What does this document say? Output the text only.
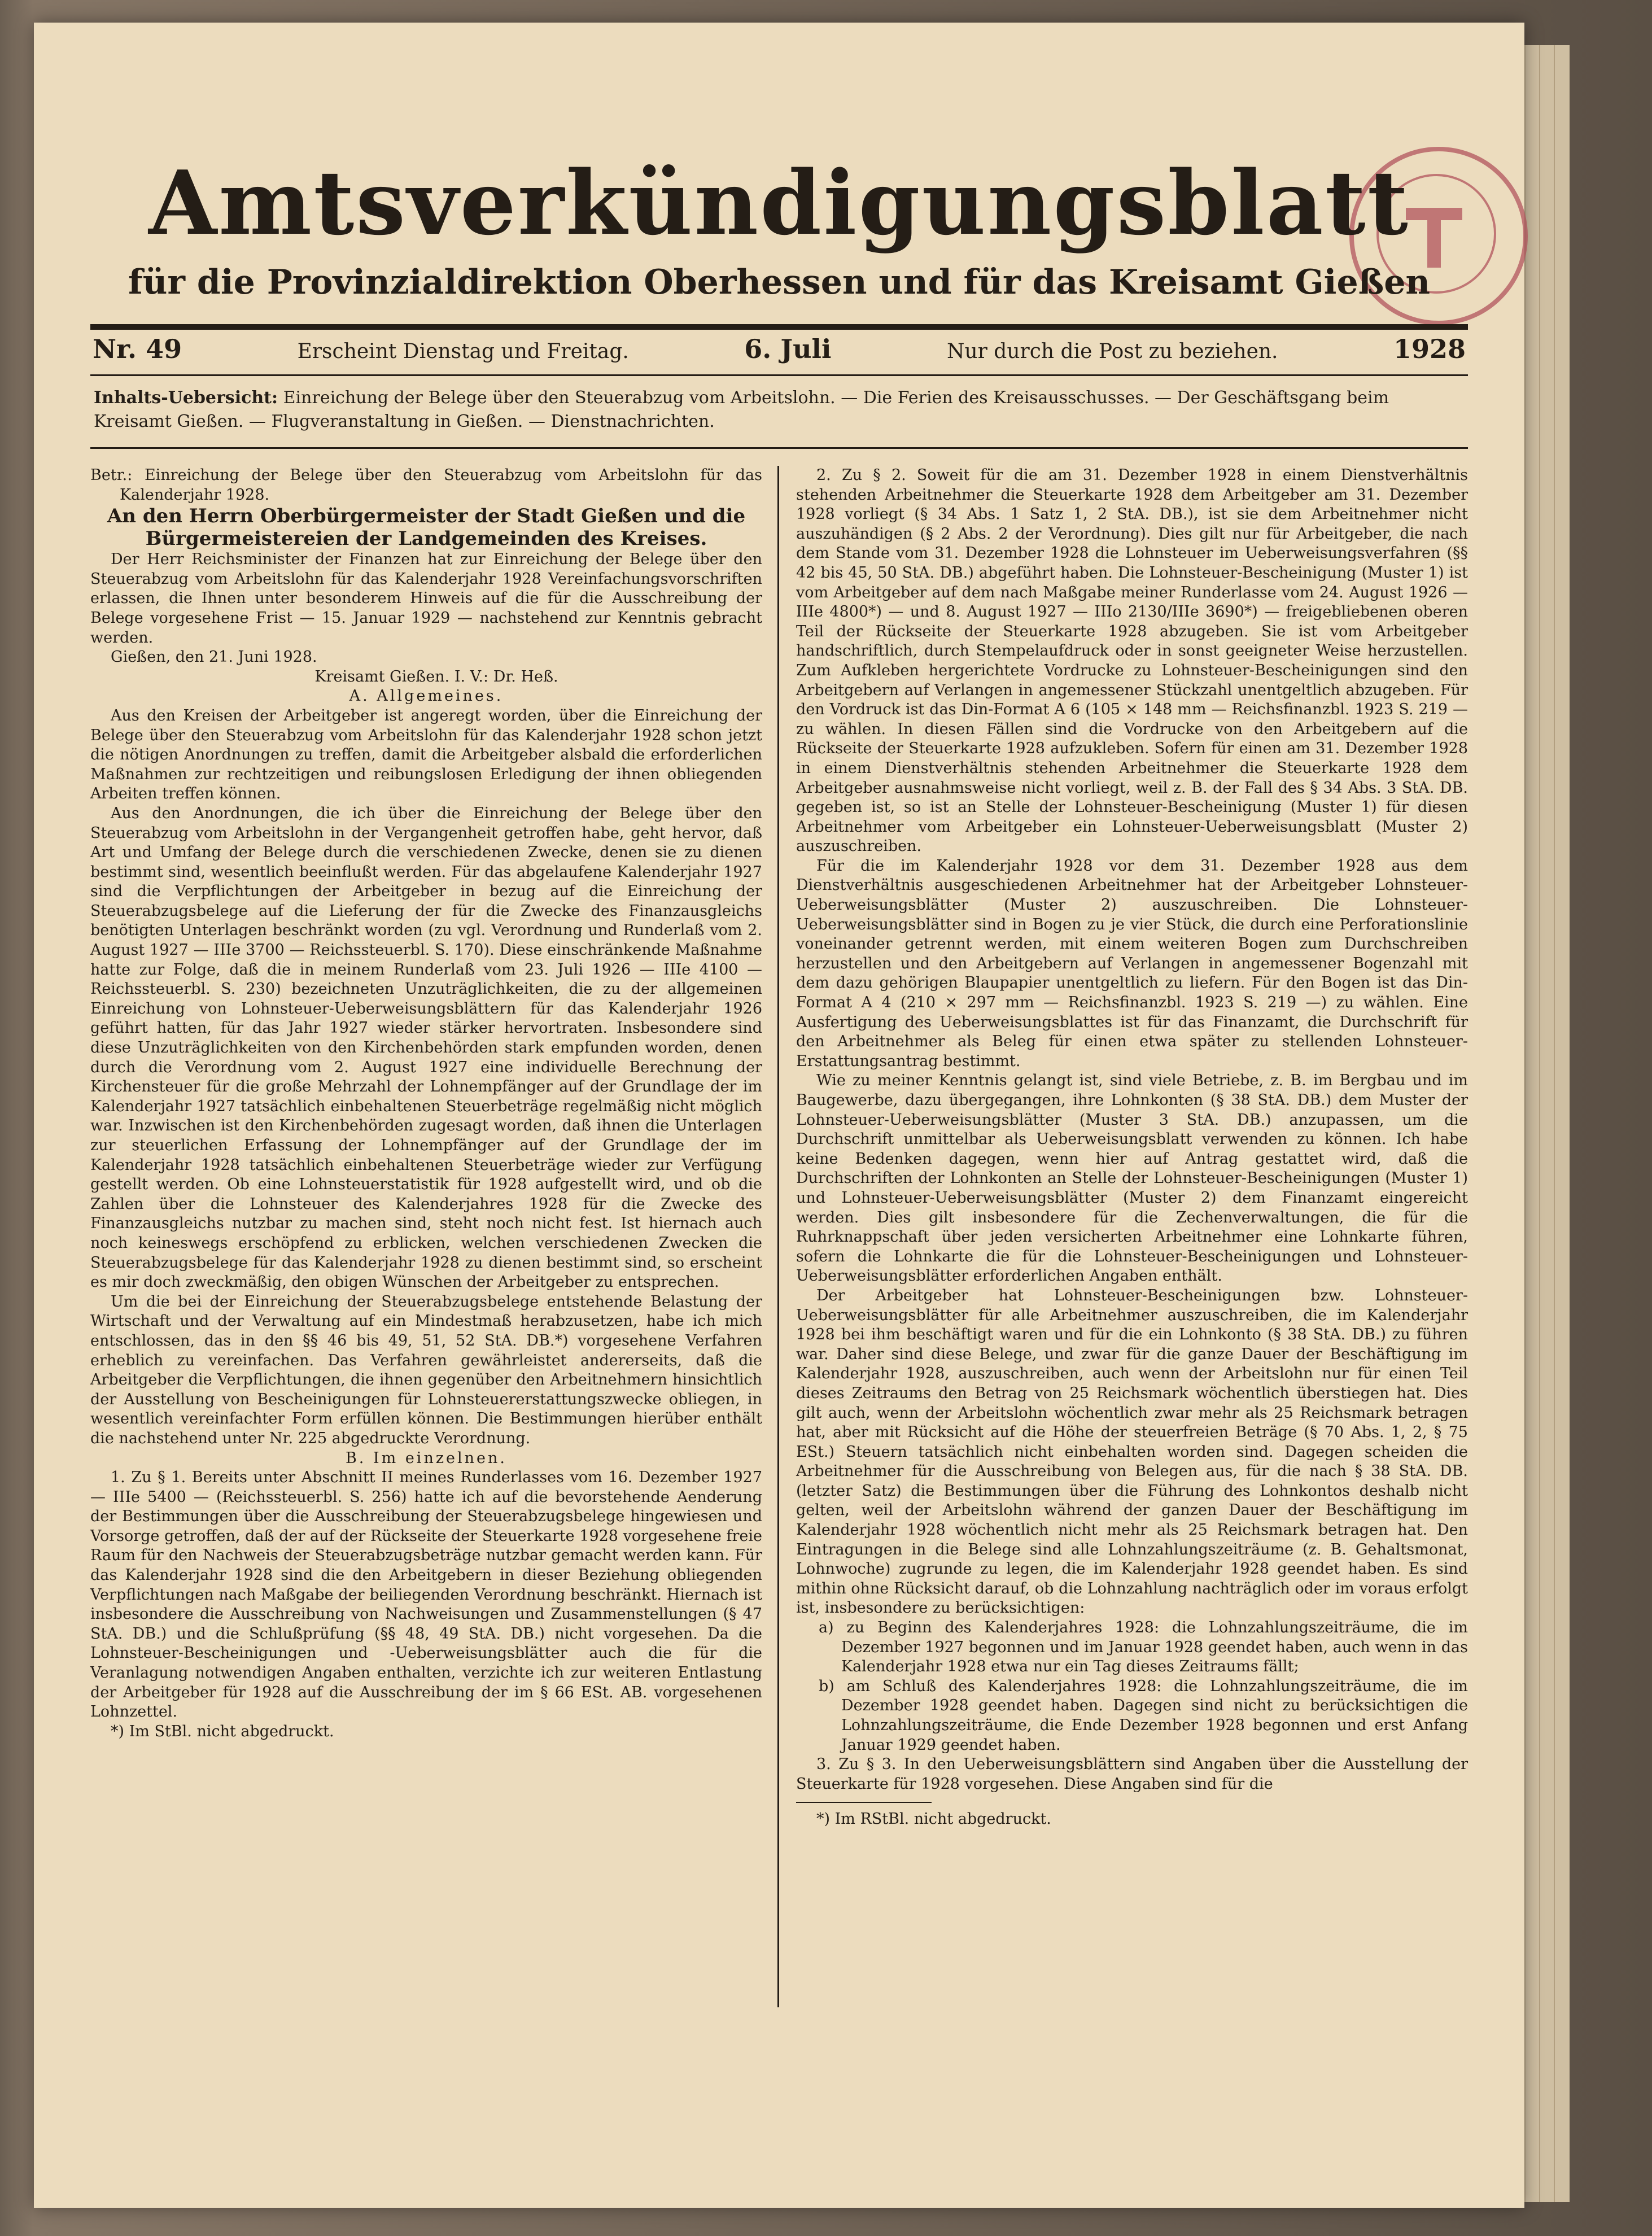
Amtsverkündigungsblatt
für die Provinzialdirektion Oberhessen und für das Kreisamt Gießen
Nr. 49	Erscheint Dienstag und Freitag.	6. Juli	Nur durch die Post zu beziehen.	1928
Inhalts-Uebersicht: Einreichung der Belege über den Steuerabzug vom Arbeitslohn. — Die Ferien des Kreisausschusses. — Der Geschäftsgang beim Kreisamt Gießen. — Flugveranstaltung in Gießen. — Dienstnachrichten.

Betr.: Einreichung der Belege über den Steuerabzug vom Arbeitslohn für das Kalenderjahr 1928.

An den Herrn Oberbürgermeister der Stadt Gießen und die Bürgermeistereien der Landgemeinden des Kreises.

Der Herr Reichsminister der Finanzen hat zur Einreichung der Belege über den Steuerabzug vom Arbeitslohn für das Kalenderjahr 1928 Vereinfachungsvorschriften erlassen, die Ihnen unter besonderem Hinweis auf die für die Ausschreibung der Belege vorgesehene Frist — 15. Januar 1929 — nachstehend zur Kenntnis gebracht werden.

Gießen, den 21. Juni 1928.

Kreisamt Gießen. I. V.: Dr. Heß.

A. Allgemeines.

Aus den Kreisen der Arbeitgeber ist angeregt worden, über die Einreichung der Belege über den Steuerabzug vom Arbeitslohn für das Kalenderjahr 1928 schon jetzt die nötigen Anordnungen zu treffen, damit die Arbeitgeber alsbald die erforderlichen Maßnahmen zur rechtzeitigen und reibungslosen Erledigung der ihnen obliegenden Arbeiten treffen können.

Aus den Anordnungen, die ich über die Einreichung der Belege über den Steuerabzug vom Arbeitslohn in der Vergangenheit getroffen habe, geht hervor, daß Art und Umfang der Belege durch die verschiedenen Zwecke, denen sie zu dienen bestimmt sind, wesentlich beeinflußt werden. Für das abgelaufene Kalenderjahr 1927 sind die Verpflichtungen der Arbeitgeber in bezug auf die Einreichung der Steuerabzugsbelege auf die Lieferung der für die Zwecke des Finanzausgleichs benötigten Unterlagen beschränkt worden (zu vgl. Verordnung und Runderlaß vom 2. August 1927 — IIIe 3700 — Reichssteuerbl. S. 170). Diese einschränkende Maßnahme hatte zur Folge, daß die in meinem Runderlaß vom 23. Juli 1926 — IIIe 4100 — Reichssteuerbl. S. 230) bezeichneten Unzuträglichkeiten, die zu der allgemeinen Einreichung von Lohnsteuer-Ueberweisungsblättern für das Kalenderjahr 1926 geführt hatten, für das Jahr 1927 wieder stärker hervortraten. Insbesondere sind diese Unzuträglichkeiten von den Kirchenbehörden stark empfunden worden, denen durch die Verordnung vom 2. August 1927 eine individuelle Berechnung der Kirchensteuer für die große Mehrzahl der Lohnempfänger auf der Grundlage der im Kalenderjahr 1927 tatsächlich einbehaltenen Steuerbeträge regelmäßig nicht möglich war. Inzwischen ist den Kirchenbehörden zugesagt worden, daß ihnen die Unterlagen zur steuerlichen Erfassung der Lohnempfänger auf der Grundlage der im Kalenderjahr 1928 tatsächlich einbehaltenen Steuerbeträge wieder zur Verfügung gestellt werden. Ob eine Lohnsteuerstatistik für 1928 aufgestellt wird, und ob die Zahlen über die Lohnsteuer des Kalenderjahres 1928 für die Zwecke des Finanzausgleichs nutzbar zu machen sind, steht noch nicht fest. Ist hiernach auch noch keineswegs erschöpfend zu erblicken, welchen verschiedenen Zwecken die Steuerabzugsbelege für das Kalenderjahr 1928 zu dienen bestimmt sind, so erscheint es mir doch zweckmäßig, den obigen Wünschen der Arbeitgeber zu entsprechen.

Um die bei der Einreichung der Steuerabzugsbelege entstehende Belastung der Wirtschaft und der Verwaltung auf ein Mindestmaß herabzusetzen, habe ich mich entschlossen, das in den §§ 46 bis 49, 51, 52 StA. DB.*) vorgesehene Verfahren erheblich zu vereinfachen. Das Verfahren gewährleistet andererseits, daß die Arbeitgeber die Verpflichtungen, die ihnen gegenüber den Arbeitnehmern hinsichtlich der Ausstellung von Bescheinigungen für Lohnsteuererstattungszwecke obliegen, in wesentlich vereinfachter Form erfüllen können. Die Bestimmungen hierüber enthält die nachstehend unter Nr. 225 abgedruckte Verordnung.

B. Im einzelnen.

1. Zu § 1. Bereits unter Abschnitt II meines Runderlasses vom 16. Dezember 1927 — IIIe 5400 — (Reichssteuerbl. S. 256) hatte ich auf die bevorstehende Aenderung der Bestimmungen über die Ausschreibung der Steuerabzugsbelege hingewiesen und Vorsorge getroffen, daß der auf der Rückseite der Steuerkarte 1928 vorgesehene freie Raum für den Nachweis der Steuerabzugsbeträge nutzbar gemacht werden kann. Für das Kalenderjahr 1928 sind die den Arbeitgebern in dieser Beziehung obliegenden Verpflichtungen nach Maßgabe der beiliegenden Verordnung beschränkt. Hiernach ist insbesondere die Ausschreibung von Nachweisungen und Zusammenstellungen (§ 47 StA. DB.) und die Schlußprüfung (§§ 48, 49 StA. DB.) nicht vorgesehen. Da die Lohnsteuer-Bescheinigungen und -Ueberweisungsblätter auch die für die Veranlagung notwendigen Angaben enthalten, verzichte ich zur weiteren Entlastung der Arbeitgeber für 1928 auf die Ausschreibung der im § 66 ESt. AB. vorgesehenen Lohnzettel.

*) Im StBl. nicht abgedruckt.

2. Zu § 2. Soweit für die am 31. Dezember 1928 in einem Dienstverhältnis stehenden Arbeitnehmer die Steuerkarte 1928 dem Arbeitgeber am 31. Dezember 1928 vorliegt (§ 34 Abs. 1 Satz 1, 2 StA. DB.), ist sie dem Arbeitnehmer nicht auszuhändigen (§ 2 Abs. 2 der Verordnung). Dies gilt nur für Arbeitgeber, die nach dem Stande vom 31. Dezember 1928 die Lohnsteuer im Ueberweisungsverfahren (§§ 42 bis 45, 50 StA. DB.) abgeführt haben. Die Lohnsteuer-Bescheinigung (Muster 1) ist vom Arbeitgeber auf dem nach Maßgabe meiner Runderlasse vom 24. August 1926 — IIIe 4800*) — und 8. August 1927 — IIIo 2130/IIIe 3690*) — freigebliebenen oberen Teil der Rückseite der Steuerkarte 1928 abzugeben. Sie ist vom Arbeitgeber handschriftlich, durch Stempelaufdruck oder in sonst geeigneter Weise herzustellen. Zum Aufkleben hergerichtete Vordrucke zu Lohnsteuer-Bescheinigungen sind den Arbeitgebern auf Verlangen in angemessener Stückzahl unentgeltlich abzugeben. Für den Vordruck ist das Din-Format A 6 (105 × 148 mm — Reichsfinanzbl. 1923 S. 219 — zu wählen. In diesen Fällen sind die Vordrucke von den Arbeitgebern auf die Rückseite der Steuerkarte 1928 aufzukleben. Sofern für einen am 31. Dezember 1928 in einem Dienstverhältnis stehenden Arbeitnehmer die Steuerkarte 1928 dem Arbeitgeber ausnahmsweise nicht vorliegt, weil z. B. der Fall des § 34 Abs. 3 StA. DB. gegeben ist, so ist an Stelle der Lohnsteuer-Bescheinigung (Muster 1) für diesen Arbeitnehmer vom Arbeitgeber ein Lohnsteuer-Ueberweisungsblatt (Muster 2) auszuschreiben.

Für die im Kalenderjahr 1928 vor dem 31. Dezember 1928 aus dem Dienstverhältnis ausgeschiedenen Arbeitnehmer hat der Arbeitgeber Lohnsteuer-Ueberweisungsblätter (Muster 2) auszuschreiben. Die Lohnsteuer-Ueberweisungsblätter sind in Bogen zu je vier Stück, die durch eine Perforationslinie voneinander getrennt werden, mit einem weiteren Bogen zum Durchschreiben herzustellen und den Arbeitgebern auf Verlangen in angemessener Bogenzahl mit dem dazu gehörigen Blaupapier unentgeltlich zu liefern. Für den Bogen ist das Din-Format A 4 (210 × 297 mm — Reichsfinanzbl. 1923 S. 219 —) zu wählen. Eine Ausfertigung des Ueberweisungsblattes ist für das Finanzamt, die Durchschrift für den Arbeitnehmer als Beleg für einen etwa später zu stellenden Lohnsteuer-Erstattungsantrag bestimmt.

Wie zu meiner Kenntnis gelangt ist, sind viele Betriebe, z. B. im Bergbau und im Baugewerbe, dazu übergegangen, ihre Lohnkonten (§ 38 StA. DB.) dem Muster der Lohnsteuer-Ueberweisungsblätter (Muster 3 StA. DB.) anzupassen, um die Durchschrift unmittelbar als Ueberweisungsblatt verwenden zu können. Ich habe keine Bedenken dagegen, wenn hier auf Antrag gestattet wird, daß die Durchschriften der Lohnkonten an Stelle der Lohnsteuer-Bescheinigungen (Muster 1) und Lohnsteuer-Ueberweisungsblätter (Muster 2) dem Finanzamt eingereicht werden. Dies gilt insbesondere für die Zechenverwaltungen, die für die Ruhrknappschaft über jeden versicherten Arbeitnehmer eine Lohnkarte führen, sofern die Lohnkarte die für die Lohnsteuer-Bescheinigungen und Lohnsteuer-Ueberweisungsblätter erforderlichen Angaben enthält.

Der Arbeitgeber hat Lohnsteuer-Bescheinigungen bzw. Lohnsteuer-Ueberweisungsblätter für alle Arbeitnehmer auszuschreiben, die im Kalenderjahr 1928 bei ihm beschäftigt waren und für die ein Lohnkonto (§ 38 StA. DB.) zu führen war. Daher sind diese Belege, und zwar für die ganze Dauer der Beschäftigung im Kalenderjahr 1928, auszuschreiben, auch wenn der Arbeitslohn nur für einen Teil dieses Zeitraums den Betrag von 25 Reichsmark wöchentlich überstiegen hat. Dies gilt auch, wenn der Arbeitslohn wöchentlich zwar mehr als 25 Reichsmark betragen hat, aber mit Rücksicht auf die Höhe der steuerfreien Beträge (§ 70 Abs. 1, 2, § 75 ESt.) Steuern tatsächlich nicht einbehalten worden sind. Dagegen scheiden die Arbeitnehmer für die Ausschreibung von Belegen aus, für die nach § 38 StA. DB. (letzter Satz) die Bestimmungen über die Führung des Lohnkontos deshalb nicht gelten, weil der Arbeitslohn während der ganzen Dauer der Beschäftigung im Kalenderjahr 1928 wöchentlich nicht mehr als 25 Reichsmark betragen hat. Den Eintragungen in die Belege sind alle Lohnzahlungszeiträume (z. B. Gehaltsmonat, Lohnwoche) zugrunde zu legen, die im Kalenderjahr 1928 geendet haben. Es sind mithin ohne Rücksicht darauf, ob die Lohnzahlung nachträglich oder im voraus erfolgt ist, insbesondere zu berücksichtigen:

a) zu Beginn des Kalenderjahres 1928: die Lohnzahlungszeiträume, die im Dezember 1927 begonnen und im Januar 1928 geendet haben, auch wenn in das Kalenderjahr 1928 etwa nur ein Tag dieses Zeitraums fällt;

b) am Schluß des Kalenderjahres 1928: die Lohnzahlungszeiträume, die im Dezember 1928 geendet haben. Dagegen sind nicht zu berücksichtigen die Lohnzahlungszeiträume, die Ende Dezember 1928 begonnen und erst Anfang Januar 1929 geendet haben.

3. Zu § 3. In den Ueberweisungsblättern sind Angaben über die Ausstellung der Steuerkarte für 1928 vorgesehen. Diese Angaben sind für die

*) Im RStBl. nicht abgedruckt.
